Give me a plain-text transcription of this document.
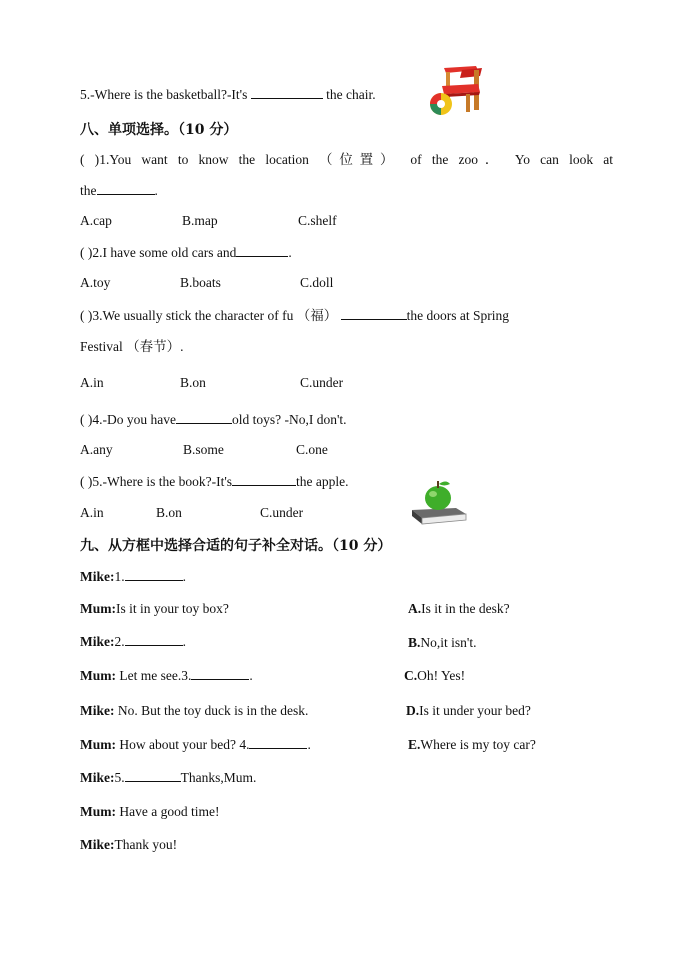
5.-Where is the basketball?-It's	the chair.
八、单项选择。（10 分）
( )1.You want to know the location （位置） of the zoo． Yo can look at
the	.
A.cap	B.map	C.shelf
( )2.I have some old cars and	.
A.toy	B.boats	C.doll
( )3.We usually stick the character of fu （福）	the doors at Spring
Festival （春节）.
A.in	B.on	C.under
( )4.-Do you have	old toys? -No,I don't.
A.any	B.some	C.one
( )5.-Where is the book?-It's	the apple.
A.in	B.on	C.under
九、从方框中选择合适的句子补全对话。（10 分）
Mike:1.	.
Mum:Is it in your toy box?
Mike:2.	.
Mum: Let me see.3.	.
Mike: No. But the toy duck is in the desk.
Mum: How about your bed? 4.	.
Mike:5.	Thanks,Mum.
Mum: Have a good time!
Mike:Thank you!
A.Is it in the desk?
B.No,it isn't.
C.Oh! Yes!
D.Is it under your bed?
E.Where is my toy car?
